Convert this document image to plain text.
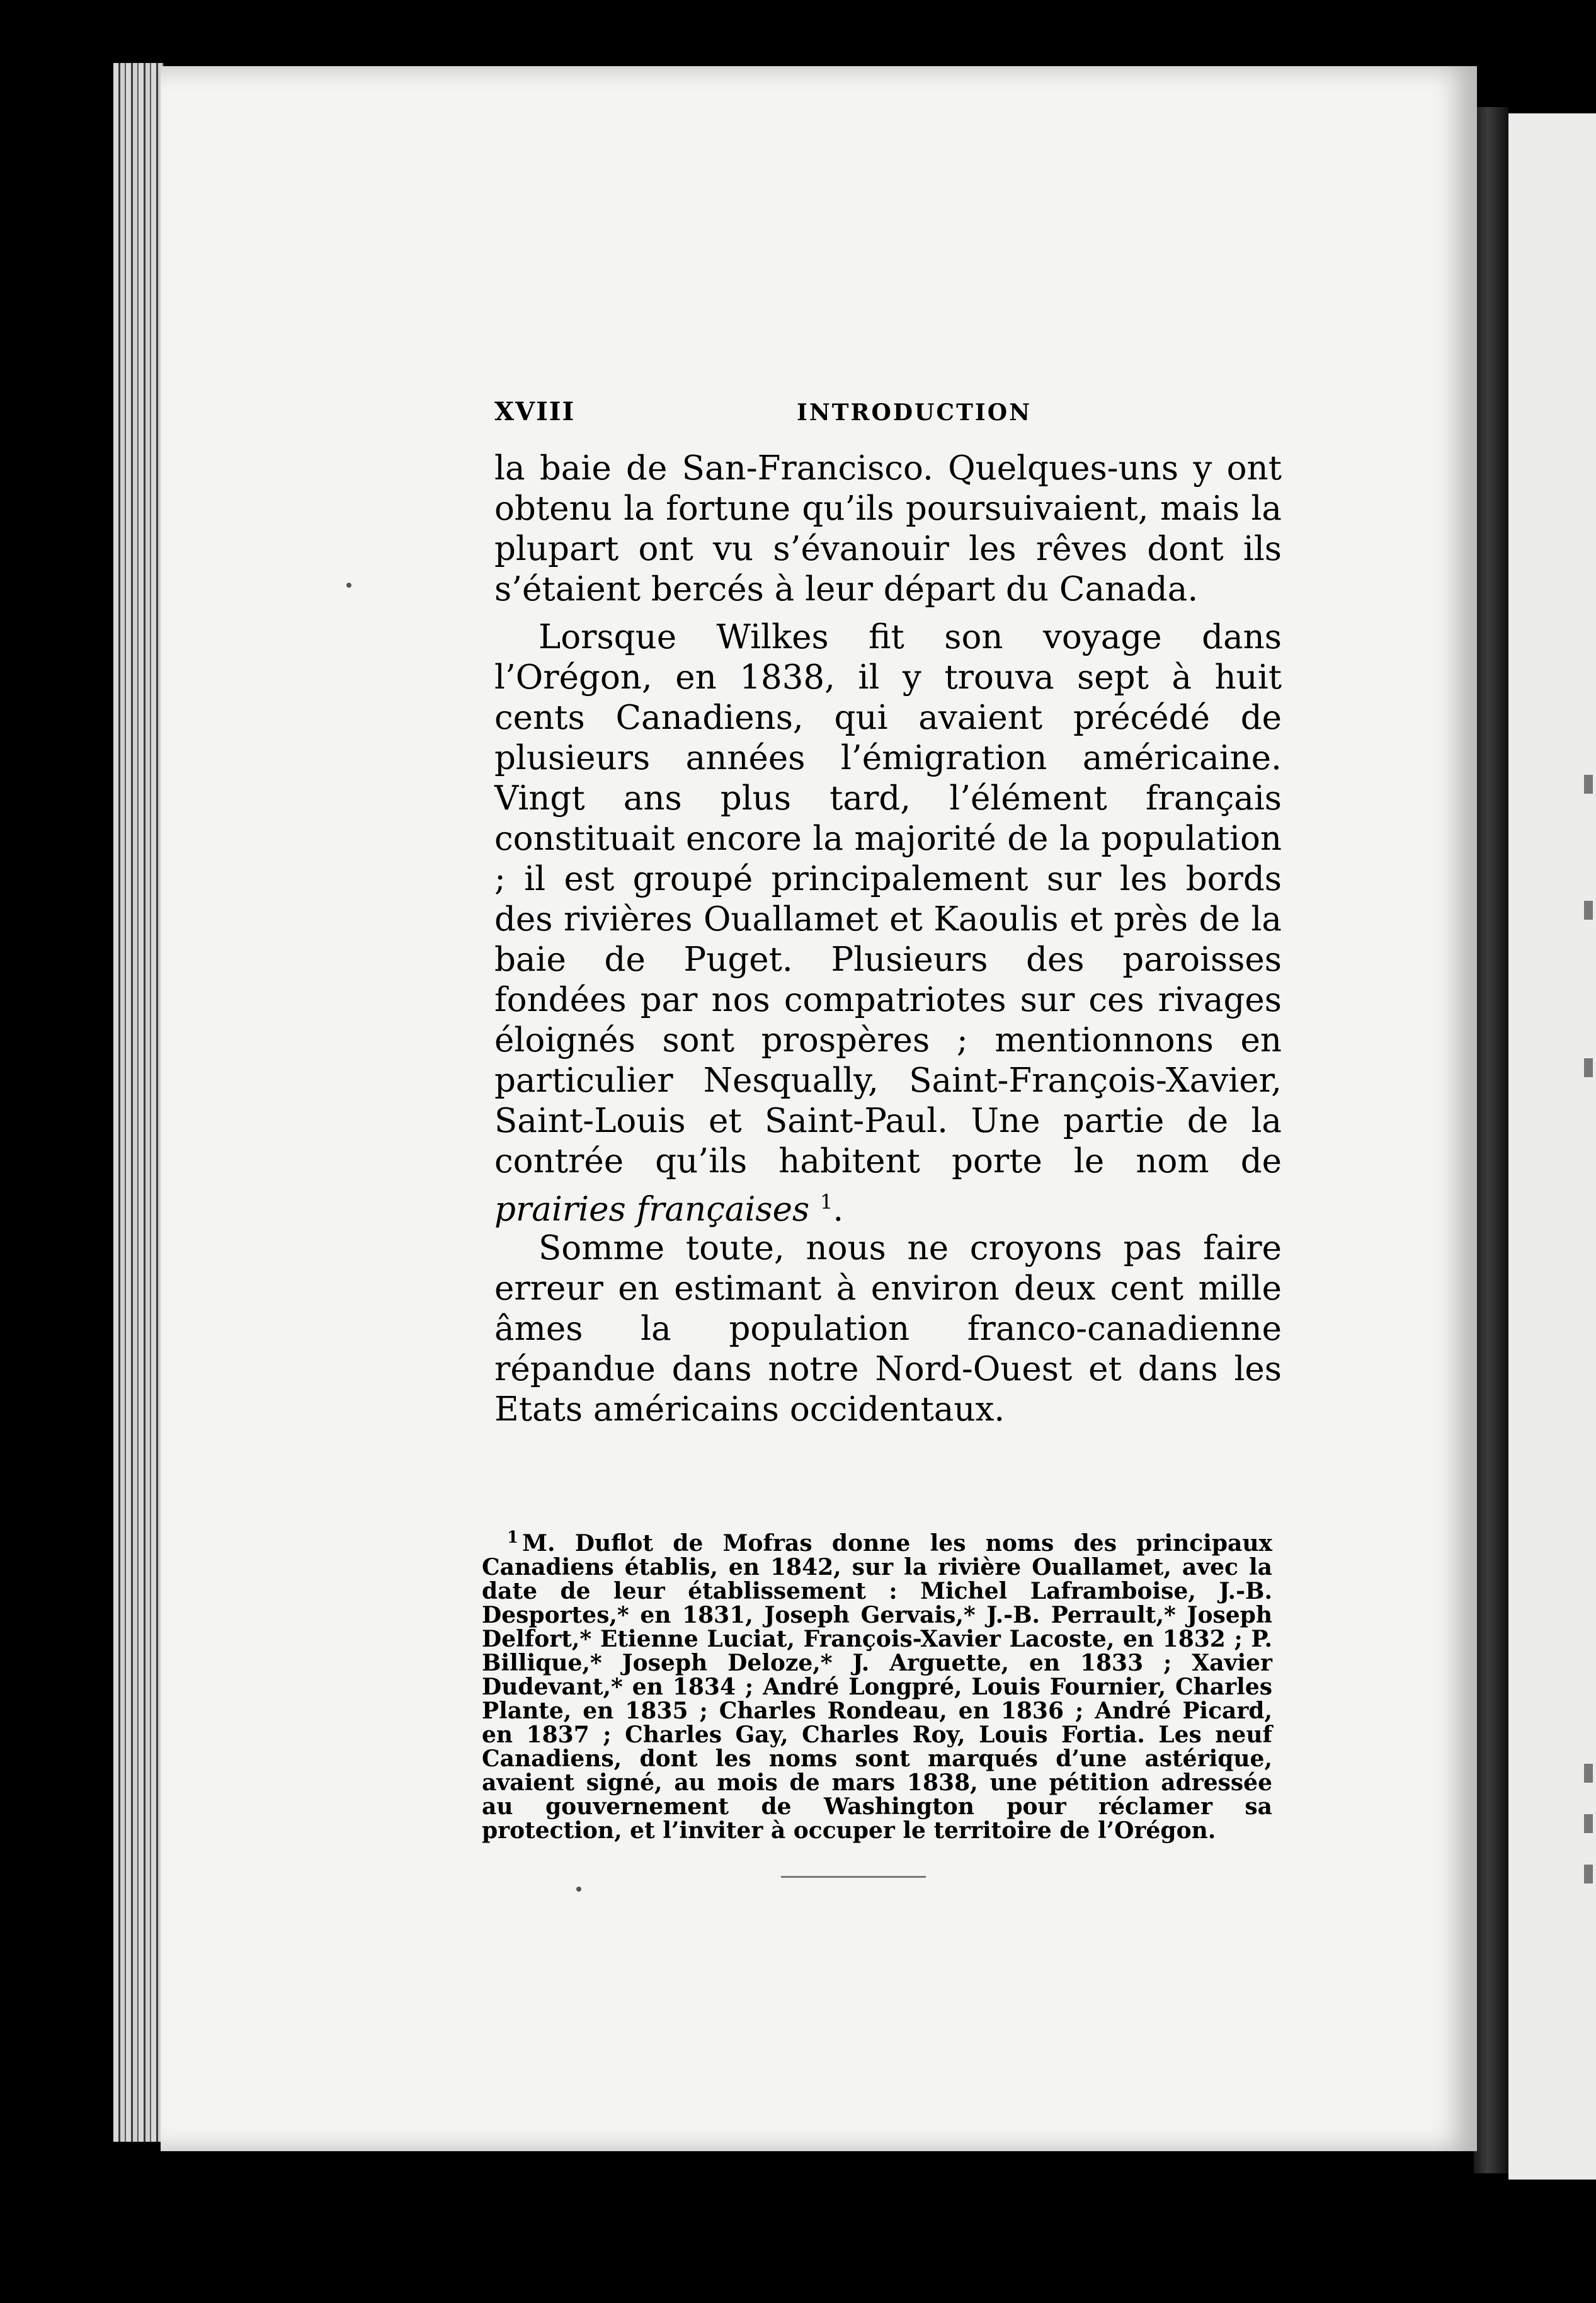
XVIII	INTRODUCTION

la baie de San-Francisco. Quelques-uns y ont obtenu la fortune qu’ils poursuivaient, mais la plupart ont vu s’évanouir les rêves dont ils s’étaient bercés à leur départ du Canada.

Lorsque Wilkes fit son voyage dans l’Orégon, en 1838, il y trouva sept à huit cents Canadiens, qui avaient précédé de plusieurs années l’émigration américaine. Vingt ans plus tard, l’élément français constituait encore la majorité de la population ; il est groupé principalement sur les bords des rivières Ouallamet et Kaoulis et près de la baie de Puget. Plusieurs des paroisses fondées par nos compatriotes sur ces rivages éloignés sont prospères ; mentionnons en particulier Nesqually, Saint-François-Xavier, Saint-Louis et Saint-Paul. Une partie de la contrée qu’ils habitent porte le nom de prairies françaises $^1$.

Somme toute, nous ne croyons pas faire erreur en estimant à environ deux cent mille âmes la population franco-canadienne répandue dans notre Nord-Ouest et dans les Etats américains occidentaux.

$^1$ M. Duflot de Mofras donne les noms des principaux Canadiens établis, en 1842, sur la rivière Ouallamet, avec la date de leur établissement : Michel Laframboise, J.-B. Desportes,* en 1831, Joseph Gervais,* J.-B. Perrault,* Joseph Delfort,* Etienne Luciat, François-Xavier Lacoste, en 1832 ; P. Billique,* Joseph Deloze,* J. Arguette, en 1833 ; Xavier Dudevant,* en 1834 ; André Longpré, Louis Fournier, Charles Plante, en 1835 ; Charles Rondeau, en 1836 ; André Picard, en 1837 ; Charles Gay, Charles Roy, Louis Fortia. Les neuf Canadiens, dont les noms sont marqués d’une astérique, avaient signé, au mois de mars 1838, une pétition adressée au gouvernement de Washington pour réclamer sa protection, et l’inviter à occuper le territoire de l’Orégon.
